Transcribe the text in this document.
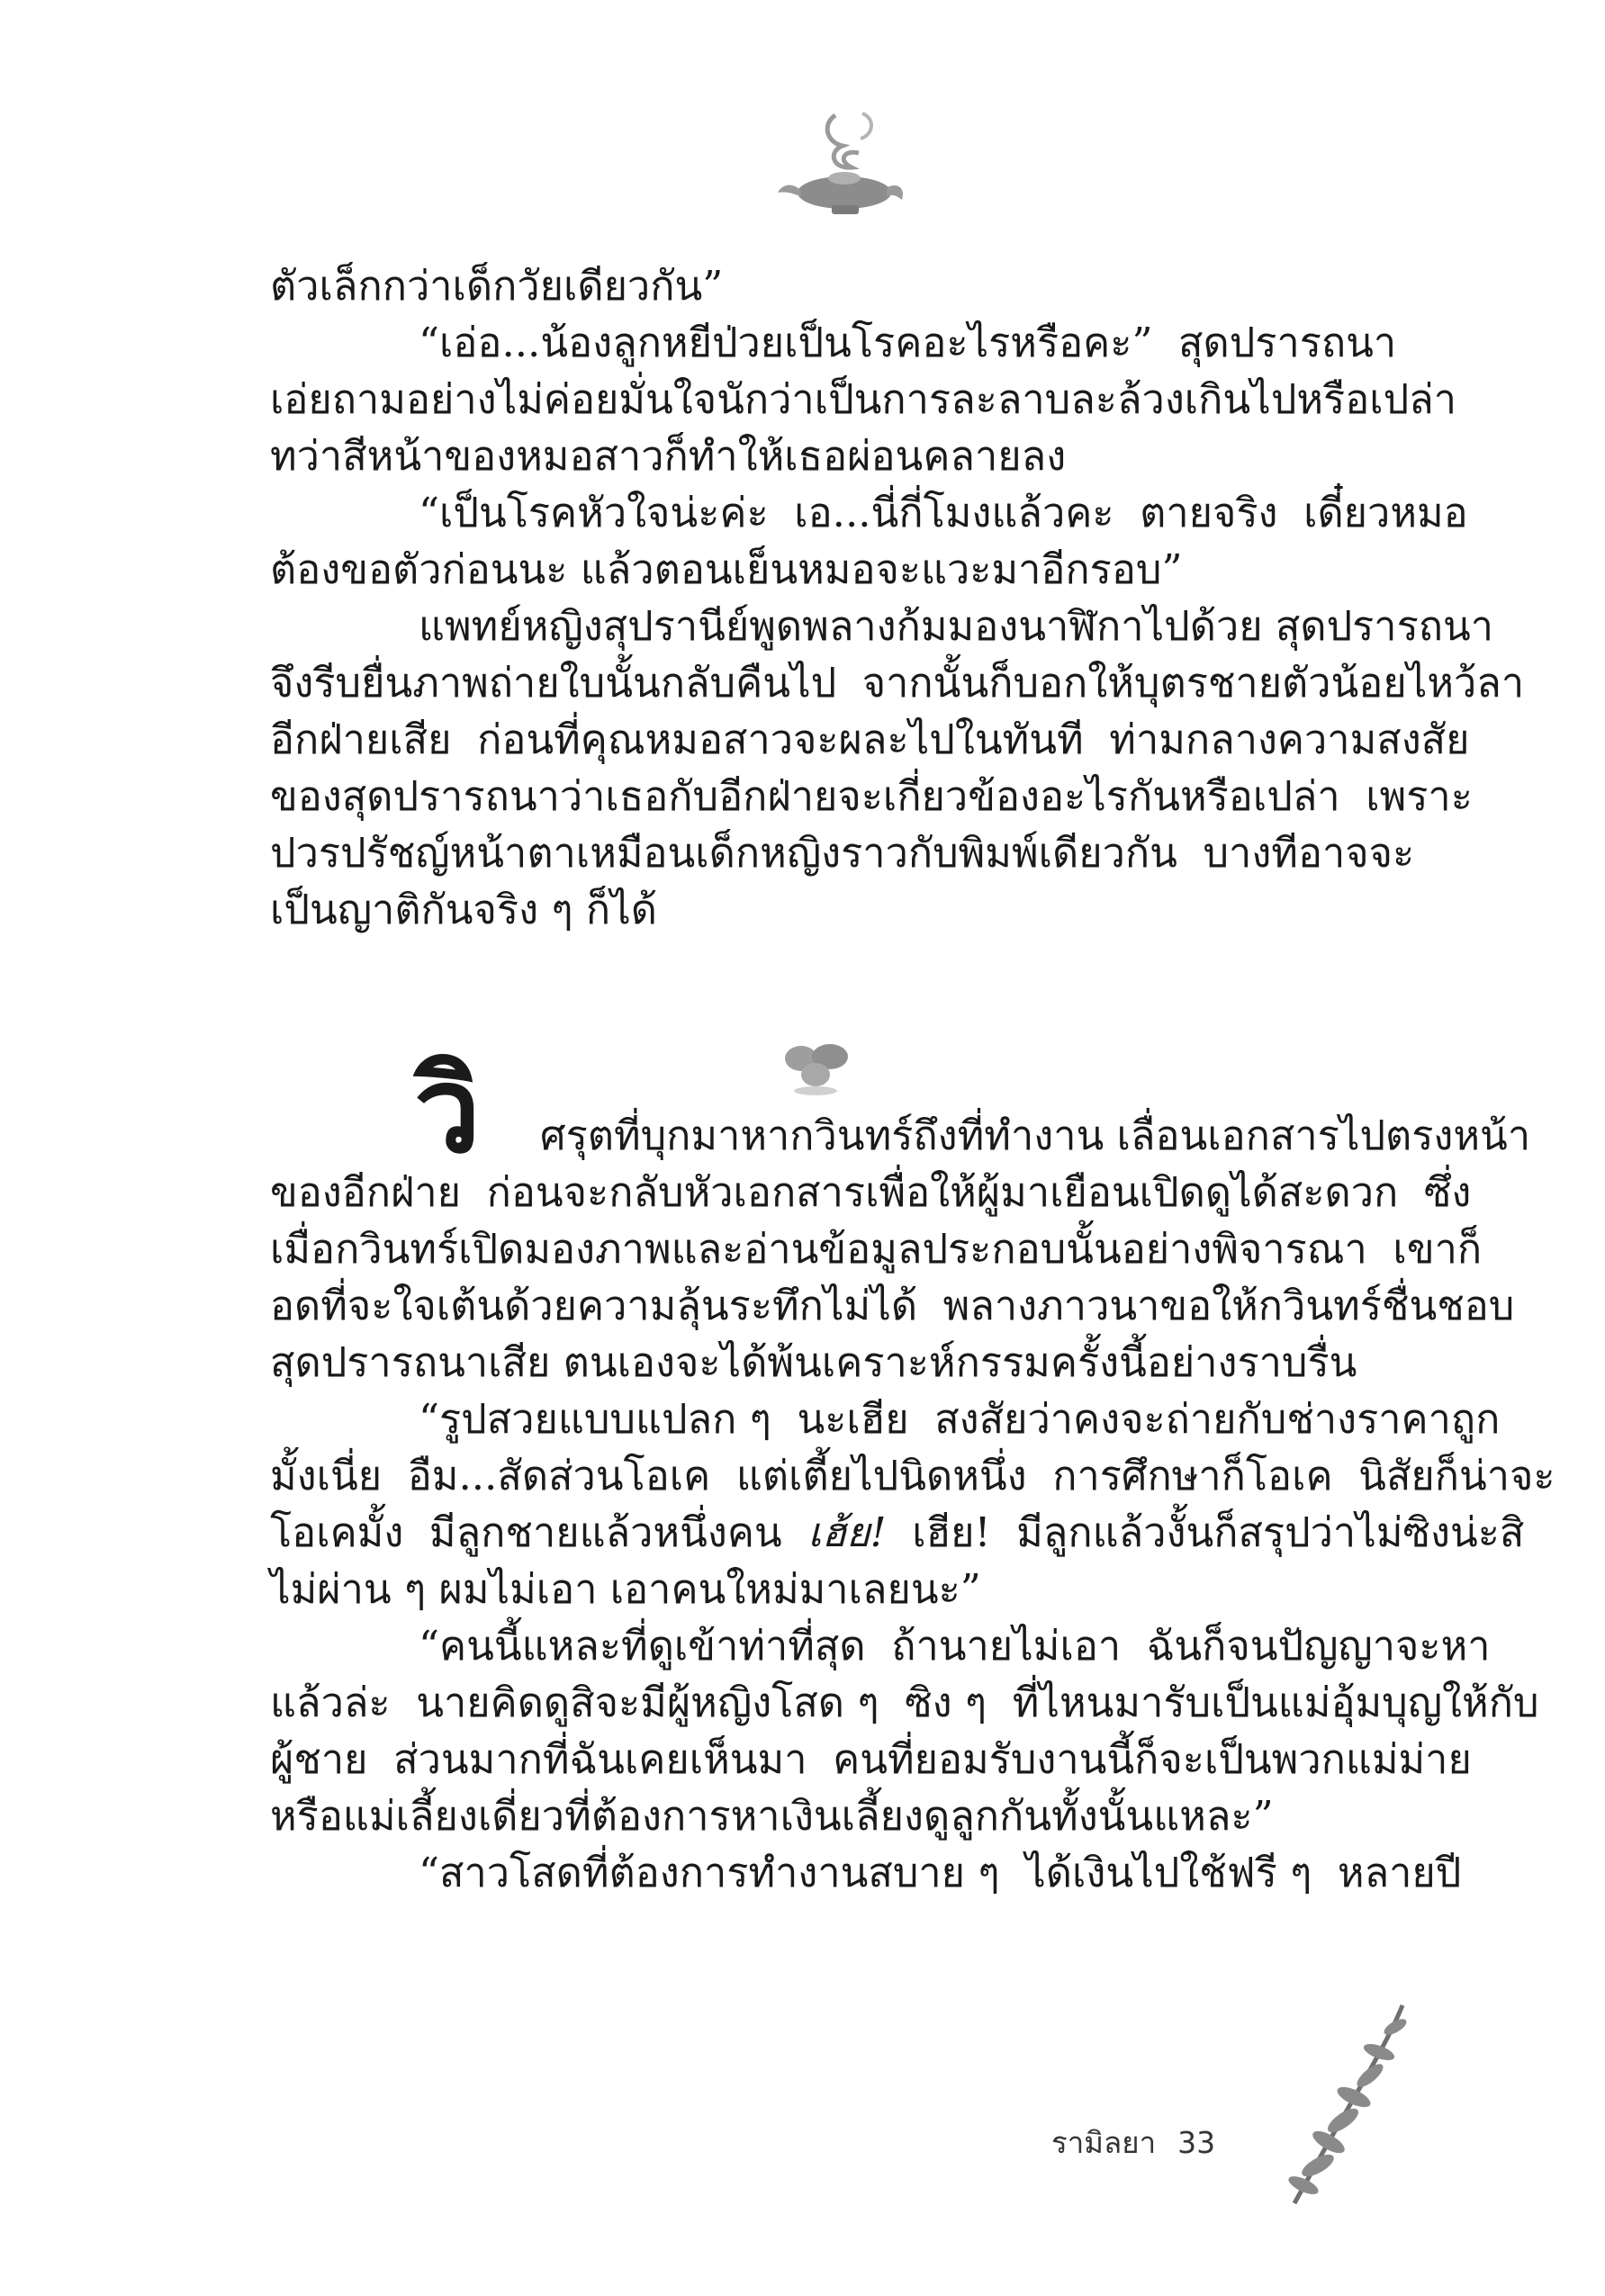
ตัวเล็กกว่าเด็กวัยเดียวกัน”
“เอ่อ...น้องลูกหยีป่วยเป็นโรคอะไรหรือคะ”  สุดปรารถนา
เอ่ยถามอย่างไม่ค่อยมั่นใจนักว่าเป็นการละลาบละล้วงเกินไปหรือเปล่า
ทว่าสีหน้าของหมอสาวก็ทำให้เธอผ่อนคลายลง
“เป็นโรคหัวใจน่ะค่ะ  เอ...นี่กี่โมงแล้วคะ  ตายจริง  เดี๋ยวหมอ
ต้องขอตัวก่อนนะ แล้วตอนเย็นหมอจะแวะมาอีกรอบ”
แพทย์หญิงสุปรานีย์พูดพลางก้มมองนาฬิกาไปด้วย สุดปรารถนา
จึงรีบยื่นภาพถ่ายใบนั้นกลับคืนไป  จากนั้นก็บอกให้บุตรชายตัวน้อยไหว้ลา
อีกฝ่ายเสีย  ก่อนที่คุณหมอสาวจะผละไปในทันที  ท่ามกลางความสงสัย
ของสุดปรารถนาว่าเธอกับอีกฝ่ายจะเกี่ยวข้องอะไรกันหรือเปล่า  เพราะ
ปวรปรัชญ์หน้าตาเหมือนเด็กหญิงราวกับพิมพ์เดียวกัน  บางทีอาจจะ
เป็นญาติกันจริง ๆ ก็ได้
วิ	ศรุตที่บุกมาหากวินทร์ถึงที่ทำงาน เลื่อนเอกสารไปตรงหน้า
ของอีกฝ่าย  ก่อนจะกลับหัวเอกสารเพื่อให้ผู้มาเยือนเปิดดูได้สะดวก  ซึ่ง
เมื่อกวินทร์เปิดมองภาพและอ่านข้อมูลประกอบนั้นอย่างพิจารณา  เขาก็
อดที่จะใจเต้นด้วยความลุ้นระทึกไม่ได้  พลางภาวนาขอให้กวินทร์ชื่นชอบ
สุดปรารถนาเสีย ตนเองจะได้พ้นเคราะห์กรรมครั้งนี้อย่างราบรื่น
“รูปสวยแบบแปลก ๆ  นะเฮีย  สงสัยว่าคงจะถ่ายกับช่างราคาถูก
มั้งเนี่ย  อืม...สัดส่วนโอเค  แต่เตี้ยไปนิดหนึ่ง  การศึกษาก็โอเค  นิสัยก็น่าจะ
โอเคมั้ง  มีลูกชายแล้วหนึ่งคน เฮ้ย! เฮีย!  มีลูกแล้วงั้นก็สรุปว่าไม่ซิงน่ะสิ
ไม่ผ่าน ๆ ผมไม่เอา เอาคนใหม่มาเลยนะ”
“คนนี้แหละที่ดูเข้าท่าที่สุด  ถ้านายไม่เอา  ฉันก็จนปัญญาจะหา
แล้วล่ะ  นายคิดดูสิจะมีผู้หญิงโสด ๆ  ซิง ๆ  ที่ไหนมารับเป็นแม่อุ้มบุญให้กับ
ผู้ชาย  ส่วนมากที่ฉันเคยเห็นมา  คนที่ยอมรับงานนี้ก็จะเป็นพวกแม่ม่าย
หรือแม่เลี้ยงเดี่ยวที่ต้องการหาเงินเลี้ยงดูลูกกันทั้งนั้นแหละ”
“สาวโสดที่ต้องการทำงานสบาย ๆ  ได้เงินไปใช้ฟรี ๆ  หลายปี
รามิลยา 33
